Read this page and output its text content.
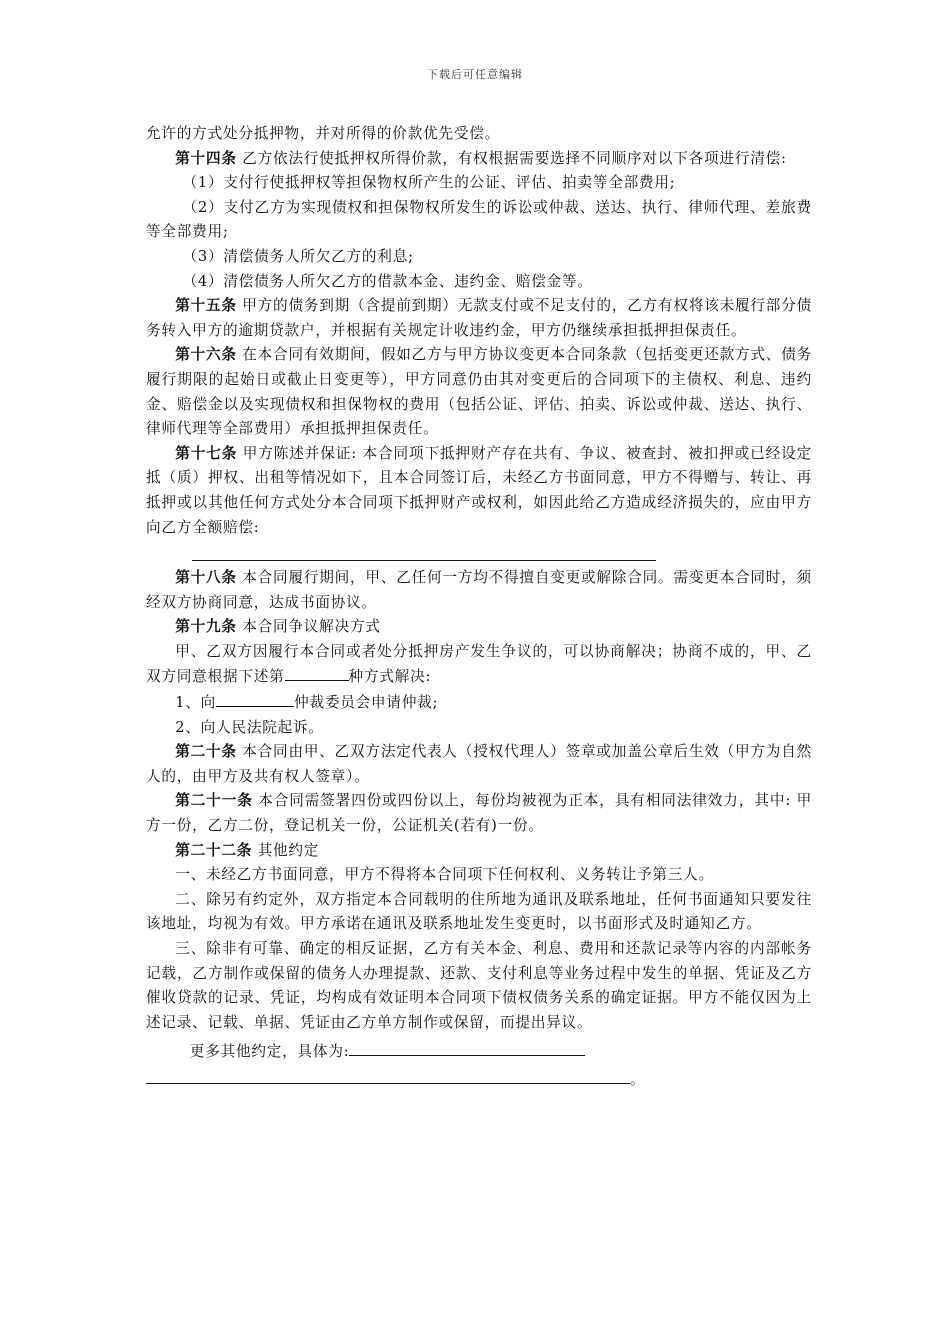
下载后可任意编辑

允许的方式处分抵押物，并对所得的价款优先受偿。

第十四条 乙方依法行使抵押权所得价款，有权根据需要选择不同顺序对以下各项进行清偿:

（1）支付行使抵押权等担保物权所产生的公证、评估、拍卖等全部费用;

（2）支付乙方为实现债权和担保物权所发生的诉讼或仲裁、送达、执行、律师代理、差旅费等全部费用;

（3）清偿债务人所欠乙方的利息;

（4）清偿债务人所欠乙方的借款本金、违约金、赔偿金等。

第十五条 甲方的债务到期（含提前到期）无款支付或不足支付的，乙方有权将该未履行部分债务转入甲方的逾期贷款户，并根据有关规定计收违约金，甲方仍继续承担抵押担保责任。

第十六条 在本合同有效期间，假如乙方与甲方协议变更本合同条款（包括变更还款方式、债务履行期限的起始日或截止日变更等），甲方同意仍由其对变更后的合同项下的主债权、利息、违约金、赔偿金以及实现债权和担保物权的费用（包括公证、评估、拍卖、诉讼或仲裁、送达、执行、律师代理等全部费用）承担抵押担保责任。

第十七条 甲方陈述并保证: 本合同项下抵押财产存在共有、争议、被查封、被扣押或已经设定抵（质）押权、出租等情况如下，且本合同签订后，未经乙方书面同意，甲方不得赠与、转让、再抵押或以其他任何方式处分本合同项下抵押财产或权利，如因此给乙方造成经济损失的，应由甲方向乙方全额赔偿:

第十八条 本合同履行期间，甲、乙任何一方均不得擅自变更或解除合同。需变更本合同时，须经双方协商同意，达成书面协议。

第十九条 本合同争议解决方式

甲、乙双方因履行本合同或者处分抵押房产发生争议的，可以协商解决；协商不成的，甲、乙双方同意根据下述第	种方式解决:

1、向	仲裁委员会申请仲裁;

2、向人民法院起诉。

第二十条 本合同由甲、乙双方法定代表人（授权代理人）签章或加盖公章后生效（甲方为自然人的，由甲方及共有权人签章）。

第二十一条 本合同需签署四份或四份以上，每份均被视为正本，具有相同法律效力，其中: 甲方一份，乙方二份，登记机关一份，公证机关(若有)一份。

第二十二条 其他约定

一、未经乙方书面同意，甲方不得将本合同项下任何权利、义务转让予第三人。

二、除另有约定外，双方指定本合同载明的住所地为通讯及联系地址，任何书面通知只要发往该地址，均视为有效。甲方承诺在通讯及联系地址发生变更时，以书面形式及时通知乙方。

三、除非有可靠、确定的相反证据，乙方有关本金、利息、费用和还款记录等内容的内部帐务记载，乙方制作或保留的债务人办理提款、还款、支付利息等业务过程中发生的单据、凭证及乙方催收贷款的记录、凭证，均构成有效证明本合同项下债权债务关系的确定证据。甲方不能仅因为上述记录、记载、单据、凭证由乙方单方制作或保留，而提出异议。

更多其他约定，具体为:

。
